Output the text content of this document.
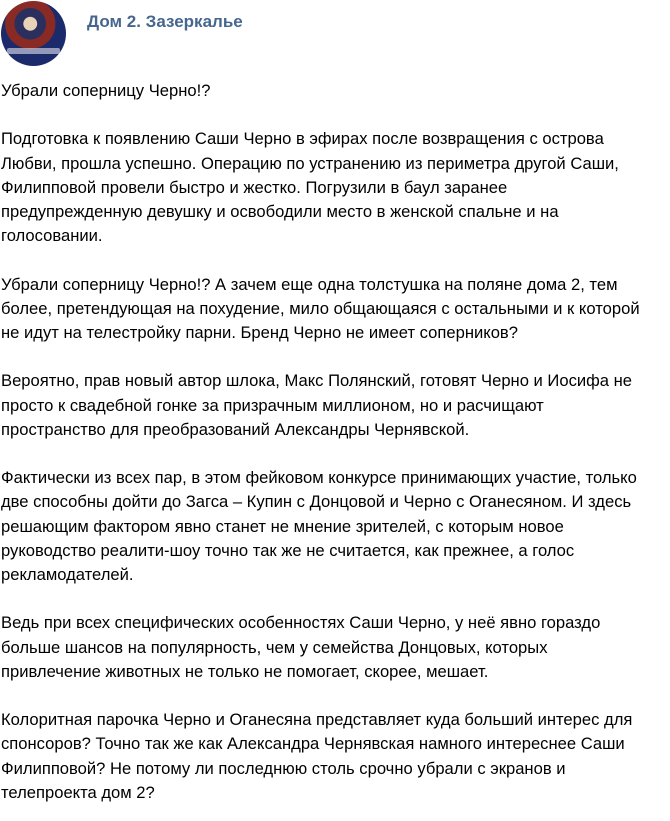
Дом 2. Зазеркалье
Убрали соперницу Черно!?
Подготовка к появлению Саши Черно в эфирах после возвращения с острова
Любви, прошла успешно. Операцию по устранению из периметра другой Саши,
Филипповой провели быстро и жестко. Погрузили в баул заранее
предупрежденную девушку и освободили место в женской спальне и на
голосовании.
Убрали соперницу Черно!? А зачем еще одна толстушка на поляне дома 2, тем
более, претендующая на похудение, мило общающаяся с остальными и к которой
не идут на телестройку парни. Бренд Черно не имеет соперников?
Вероятно, прав новый автор шлока, Макс Полянский, готовят Черно и Иосифа не
просто к свадебной гонке за призрачным миллионом, но и расчищают
пространство для преобразований Александры Чернявской.
Фактически из всех пар, в этом фейковом конкурсе принимающих участие, только
две способны дойти до Загса – Купин с Донцовой и Черно с Оганесяном. И здесь
решающим фактором явно станет не мнение зрителей, с которым новое
руководство реалити-шоу точно так же не считается, как прежнее, а голос
рекламодателей.
Ведь при всех специфических особенностях Саши Черно, у неё явно гораздо
больше шансов на популярность, чем у семейства Донцовых, которых
привлечение животных не только не помогает, скорее, мешает.
Колоритная парочка Черно и Оганесяна представляет куда больший интерес для
спонсоров? Точно так же как Александра Чернявская намного интереснее Саши
Филипповой? Не потому ли последнюю столь срочно убрали с экранов и
телепроекта дом 2?
